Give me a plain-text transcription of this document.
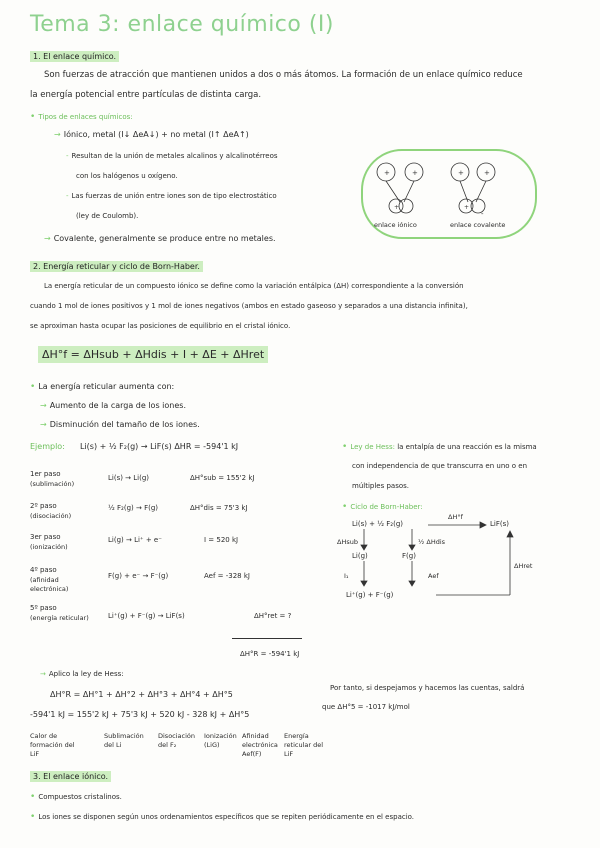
Tema 3: enlace químico (I)
1. El enlace químico.
Son fuerzas de atracción que mantienen unidos a dos o más átomos. La formación de un enlace químico reduce
la energía potencial entre partículas de distinta carga.
• Tipos de enlaces químicos:
→ Iónico, metal (I↓ ΔeA↓) + no metal (I↑ ΔeA↑)
- Resultan de la unión de metales alcalinos y alcalinotérreos
con los halógenos u oxígeno.
- Las fuerzas de unión entre iones son de tipo electrostático
(ley de Coulomb).
→ Covalente, generalmente se produce entre no metales.
+	+
+
+	+
+
-
enlace iónico	enlace covalente
2. Energía reticular y ciclo de Born-Haber.
La energía reticular de un compuesto iónico se define como la variación entálpica (ΔH) correspondiente a la conversión
cuando 1 mol de iones positivos y 1 mol de iones negativos (ambos en estado gaseoso y separados a una distancia infinita),
se aproximan hasta ocupar las posiciones de equilibrio en el cristal iónico.
ΔH°f = ΔHsub + ΔHdis + I + ΔE + ΔHret
• La energía reticular aumenta con:
→ Aumento de la carga de los iones.
→ Disminución del tamaño de los iones.
Ejemplo: Li(s) + ½ F₂(g) → LiF(s) ΔHR = -594'1 kJ
1er paso
(sublimación)
Li(s) → Li(g)	ΔH°sub = 155'2 kJ
2º paso
(disociación)
½ F₂(g) → F(g)	ΔH°dis = 75'3 kJ
3er paso
(ionización)
Li(g) → Li⁺ + e⁻	I = 520 kJ
4º paso
(afinidad electrónica)
F(g) + e⁻ → F⁻(g)	Aef = -328 kJ
5º paso
(energía reticular)	Li⁺(g) + F⁻(g) → LiF(s)	ΔH°ret = ?
ΔH°R = -594'1 kJ
→ Aplico la ley de Hess:
ΔH°R = ΔH°1 + ΔH°2 + ΔH°3 + ΔH°4 + ΔH°5
-594'1 kJ = 155'2 kJ + 75'3 kJ + 520 kJ - 328 kJ + ΔH°5
Calor de formación del LiF
Sublimación del Li
Disociación del F₂
Ionización (LiG)
Afinidad electrónica Aef(F)
Energía reticular del LiF
• Ley de Hess: la entalpía de una reacción es la misma
con independencia de que transcurra en uno o en
múltiples pasos.
• Ciclo de Born-Haber:
Li(s) + ½ F₂(g)
ΔH°f
LiF(s)
ΔHsub	½ ΔHdis
Li(g)	F(g)
I₁	Aef
Li⁺(g) + F⁻(g)
ΔHret
Por tanto, si despejamos y hacemos las cuentas, saldrá
que ΔH°5 = -1017 kJ/mol
3. El enlace iónico.
• Compuestos cristalinos.
• Los iones se disponen según unos ordenamientos específicos que se repiten periódicamente en el espacio.
